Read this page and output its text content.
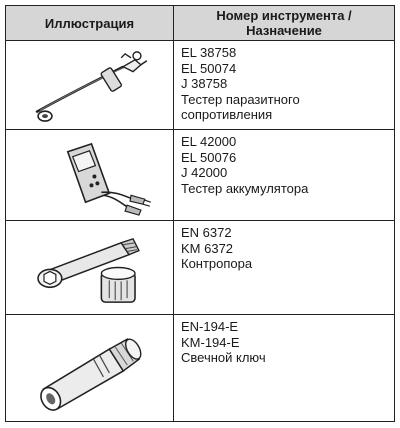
Иллюстрация	Номер инструмента /
Назначение
EL 38758
EL 50074
J 38758
Тестер паразитного
сопротивления
EL 42000
EL 50076
J 42000
Тестер аккумулятора
EN 6372
KM 6372
Контропора
EN-194-E
KM-194-E
Свечной ключ
